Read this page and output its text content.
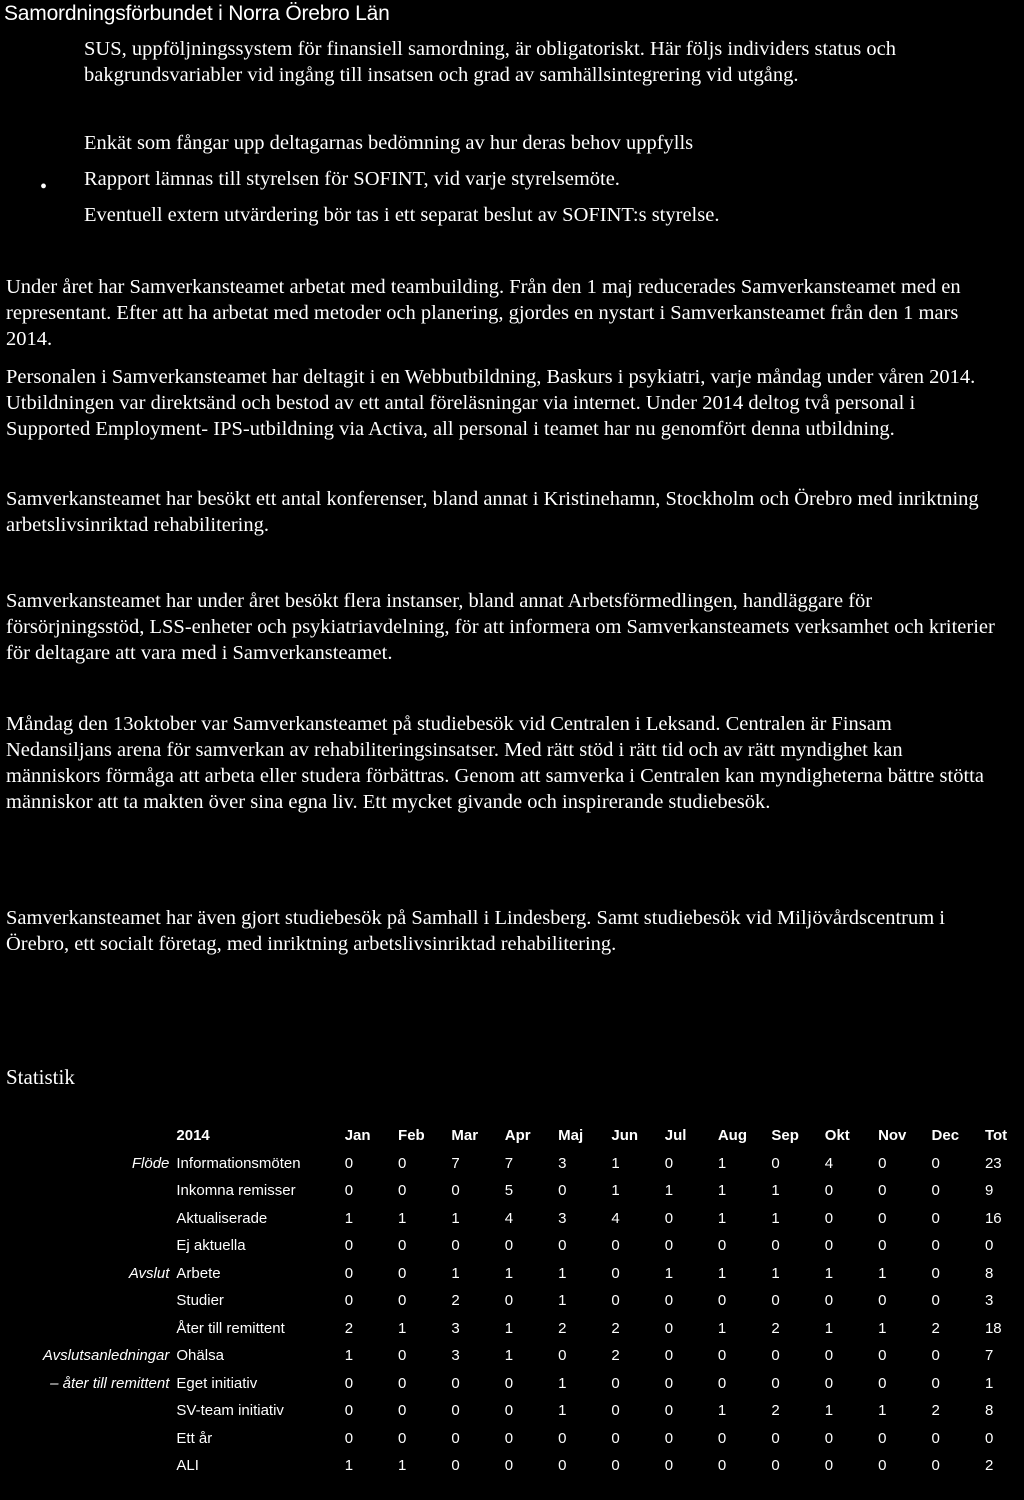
Samordningsförbundet i Norra Örebro Län

SUS, uppföljningssystem för finansiell samordning, är obligatoriskt. Här följs individers status och bakgrundsvariabler vid ingång till insatsen och grad av samhällsintegrering vid utgång.

Enkät som fångar upp deltagarnas bedömning av hur deras behov uppfylls

• Rapport lämnas till styrelsen för SOFINT, vid varje styrelsemöte.

Eventuell extern utvärdering bör tas i ett separat beslut av SOFINT:s styrelse.

Under året har Samverkansteamet arbetat med teambuilding. Från den 1 maj reducerades Samverkansteamet med en representant. Efter att ha arbetat med metoder och planering, gjordes en nystart i Samverkansteamet från den 1 mars 2014.

Personalen i Samverkansteamet har deltagit i en Webbutbildning, Baskurs i psykiatri, varje måndag under våren 2014. Utbildningen var direktsänd och bestod av ett antal föreläsningar via internet. Under 2014 deltog två personal i Supported Employment- IPS-utbildning via Activa, all personal i teamet har nu genomfört denna utbildning.

Samverkansteamet har besökt ett antal konferenser, bland annat i Kristinehamn, Stockholm och Örebro med inriktning arbetslivsinriktad rehabilitering.

Samverkansteamet har under året besökt flera instanser, bland annat Arbetsförmedlingen, handläggare för försörjningsstöd, LSS-enheter och psykiatriavdelning, för att informera om Samverkansteamets verksamhet och kriterier för deltagare att vara med i Samverkansteamet.

Måndag den 13oktober var Samverkansteamet på studiebesök vid Centralen i Leksand. Centralen är Finsam Nedansiljans arena för samverkan av rehabiliteringsinsatser. Med rätt stöd i rätt tid och av rätt myndighet kan människors förmåga att arbeta eller studera förbättras. Genom att samverka i Centralen kan myndigheterna bättre stötta människor att ta makten över sina egna liv. Ett mycket givande och inspirerande studiebesök.

Samverkansteamet har även gjort studiebesök på Samhall i Lindesberg. Samt studiebesök vid Miljövårdscentrum i Örebro, ett socialt företag, med inriktning arbetslivsinriktad rehabilitering.

Statistik
	2014	Jan	Feb	Mar	Apr	Maj	Jun	Jul	Aug	Sep	Okt	Nov	Dec	Tot
Flöde	Informationsmöten	0	0	7	7	3	1	0	1	0	4	0	0	23
	Inkomna remisser	0	0	0	5	0	1	1	1	1	0	0	0	9
	Aktualiserade	1	1	1	4	3	4	0	1	1	0	0	0	16
	Ej aktuella	0	0	0	0	0	0	0	0	0	0	0	0	0
Avslut	Arbete	0	0	1	1	1	0	1	1	1	1	1	0	8
	Studier	0	0	2	0	1	0	0	0	0	0	0	0	3
	Åter till remittent	2	1	3	1	2	2	0	1	2	1	1	2	18
Avslutsanledningar	Ohälsa	1	0	3	1	0	2	0	0	0	0	0	0	7
– åter till remittent	Eget initiativ	0	0	0	0	1	0	0	0	0	0	0	0	1
	SV-team initiativ	0	0	0	0	1	0	0	1	2	1	1	2	8
	Ett år	0	0	0	0	0	0	0	0	0	0	0	0	0
	ALI	1	1	0	0	0	0	0	0	0	0	0	0	2
